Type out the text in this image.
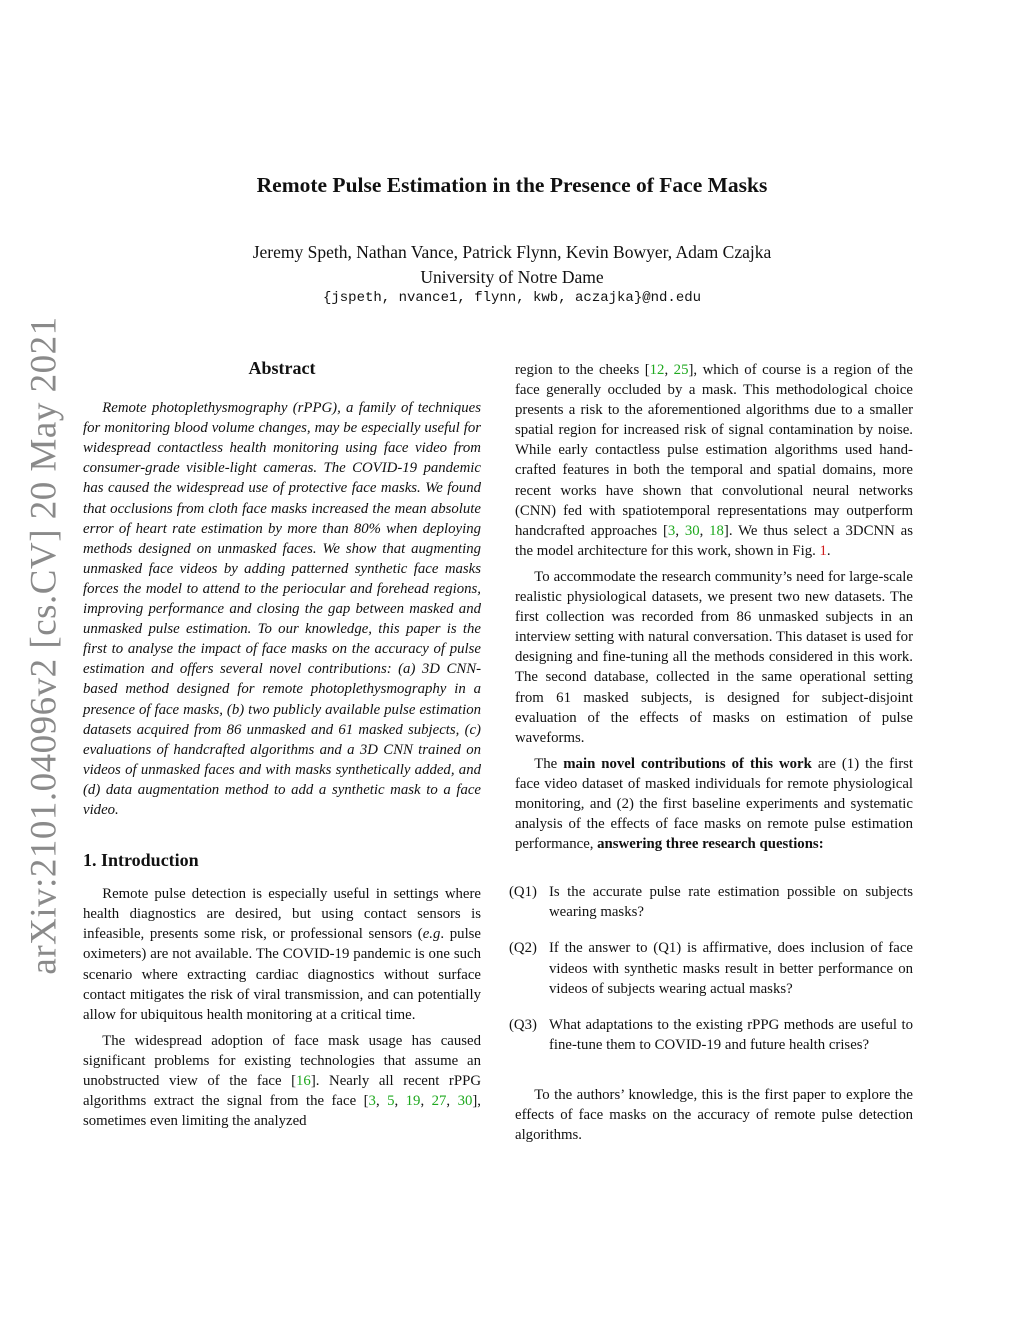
arXiv:2101.04096v2 [cs.CV] 20 May 2021
Remote Pulse Estimation in the Presence of Face Masks
Jeremy Speth, Nathan Vance, Patrick Flynn, Kevin Bowyer, Adam Czajka
University of Notre Dame
{jspeth, nvance1, flynn, kwb, aczajka}@nd.edu
Abstract

Remote photoplethysmography (rPPG), a family of techniques for monitoring blood volume changes, may be especially useful for widespread contactless health monitoring using face video from consumer-grade visible-light cameras. The COVID-19 pandemic has caused the widespread use of protective face masks. We found that occlusions from cloth face masks increased the mean absolute error of heart rate estimation by more than 80% when deploying methods designed on unmasked faces. We show that augmenting unmasked face videos by adding patterned synthetic face masks forces the model to attend to the periocular and forehead regions, improving performance and closing the gap between masked and unmasked pulse estimation. To our knowledge, this paper is the first to analyse the impact of face masks on the accuracy of pulse estimation and offers several novel contributions: (a) 3D CNN-based method designed for remote photoplethysmography in a presence of face masks, (b) two publicly available pulse estimation datasets acquired from 86 unmasked and 61 masked subjects, (c) evaluations of handcrafted algorithms and a 3D CNN trained on videos of unmasked faces and with masks synthetically added, and (d) data augmentation method to add a synthetic mask to a face video.

1. Introduction

Remote pulse detection is especially useful in settings where health diagnostics are desired, but using contact sensors is infeasible, presents some risk, or professional sensors (e.g. pulse oximeters) are not available. The COVID-19 pandemic is one such scenario where extracting cardiac diagnostics without surface contact mitigates the risk of viral transmission, and can potentially allow for ubiquitous health monitoring at a critical time.

The widespread adoption of face mask usage has caused significant problems for existing technologies that assume an unobstructed view of the face [16]. Nearly all recent rPPG algorithms extract the signal from the face [3, 5, 19, 27, 30], sometimes even limiting the analyzed

region to the cheeks [12, 25], which of course is a region of the face generally occluded by a mask. This methodological choice presents a risk to the aforementioned algorithms due to a smaller spatial region for increased risk of signal contamination by noise. While early contactless pulse estimation algorithms used hand-crafted features in both the temporal and spatial domains, more recent works have shown that convolutional neural networks (CNN) fed with spatiotemporal representations may outperform handcrafted approaches [3, 30, 18]. We thus select a 3DCNN as the model architecture for this work, shown in Fig. 1.

To accommodate the research community’s need for large-scale realistic physiological datasets, we present two new datasets. The first collection was recorded from 86 unmasked subjects in an interview setting with natural conversation. This dataset is used for designing and fine-tuning all the methods considered in this work. The second database, collected in the same operational setting from 61 masked subjects, is designed for subject-disjoint evaluation of the effects of masks on estimation of pulse waveforms.

The main novel contributions of this work are (1) the first face video dataset of masked individuals for remote physiological monitoring, and (2) the first baseline experiments and systematic analysis of the effects of face masks on remote pulse estimation performance, answering three research questions:

(Q1) Is the accurate pulse rate estimation possible on subjects wearing masks?
(Q2) If the answer to (Q1) is affirmative, does inclusion of face videos with synthetic masks result in better performance on videos of subjects wearing actual masks?
(Q3) What adaptations to the existing rPPG methods are useful to fine-tune them to COVID-19 and future health crises?

To the authors’ knowledge, this is the first paper to explore the effects of face masks on the accuracy of remote pulse detection algorithms.
